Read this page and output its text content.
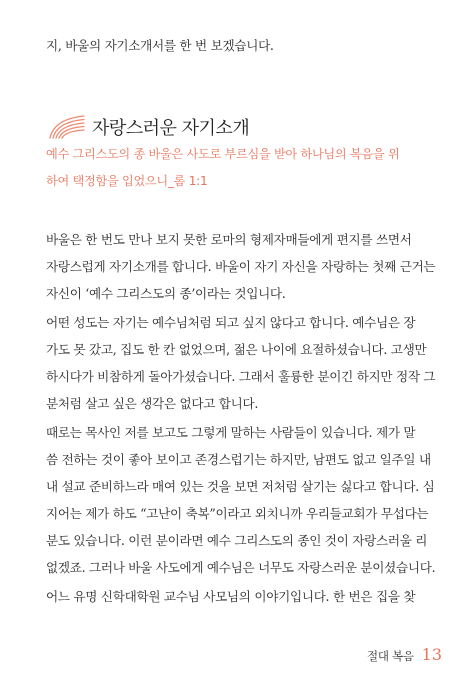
지, 바울의 자기소개서를 한 번 보겠습니다.
자랑스러운 자기소개
예수 그리스도의 종 바울은 사도로 부르심을 받아 하나님의 복음을 위
하여 택정함을 입었으니_롬 1:1
바울은 한 번도 만나 보지 못한 로마의 형제자매들에게 편지를 쓰면서
자랑스럽게 자기소개를 합니다. 바울이 자기 자신을 자랑하는 첫째 근거는
자신이 ‘예수 그리스도의 종’이라는 것입니다.
어떤 성도는 자기는 예수님처럼 되고 싶지 않다고 합니다. 예수님은 장
가도 못 갔고, 집도 한 칸 없었으며, 젊은 나이에 요절하셨습니다. 고생만
하시다가 비참하게 돌아가셨습니다. 그래서 훌륭한 분이긴 하지만 정작 그
분처럼 살고 싶은 생각은 없다고 합니다.
때로는 목사인 저를 보고도 그렇게 말하는 사람들이 있습니다. 제가 말
씀 전하는 것이 좋아 보이고 존경스럽기는 하지만, 남편도 없고 일주일 내
내 설교 준비하느라 매여 있는 것을 보면 저처럼 살기는 싫다고 합니다. 심
지어는 제가 하도 “고난이 축복”이라고 외치니까 우리들교회가 무섭다는
분도 있습니다. 이런 분이라면 예수 그리스도의 종인 것이 자랑스러울 리
없겠죠. 그러나 바울 사도에게 예수님은 너무도 자랑스러운 분이셨습니다.
어느 유명 신학대학원 교수님 사모님의 이야기입니다. 한 번은 집을 찾
절대 복음 13
